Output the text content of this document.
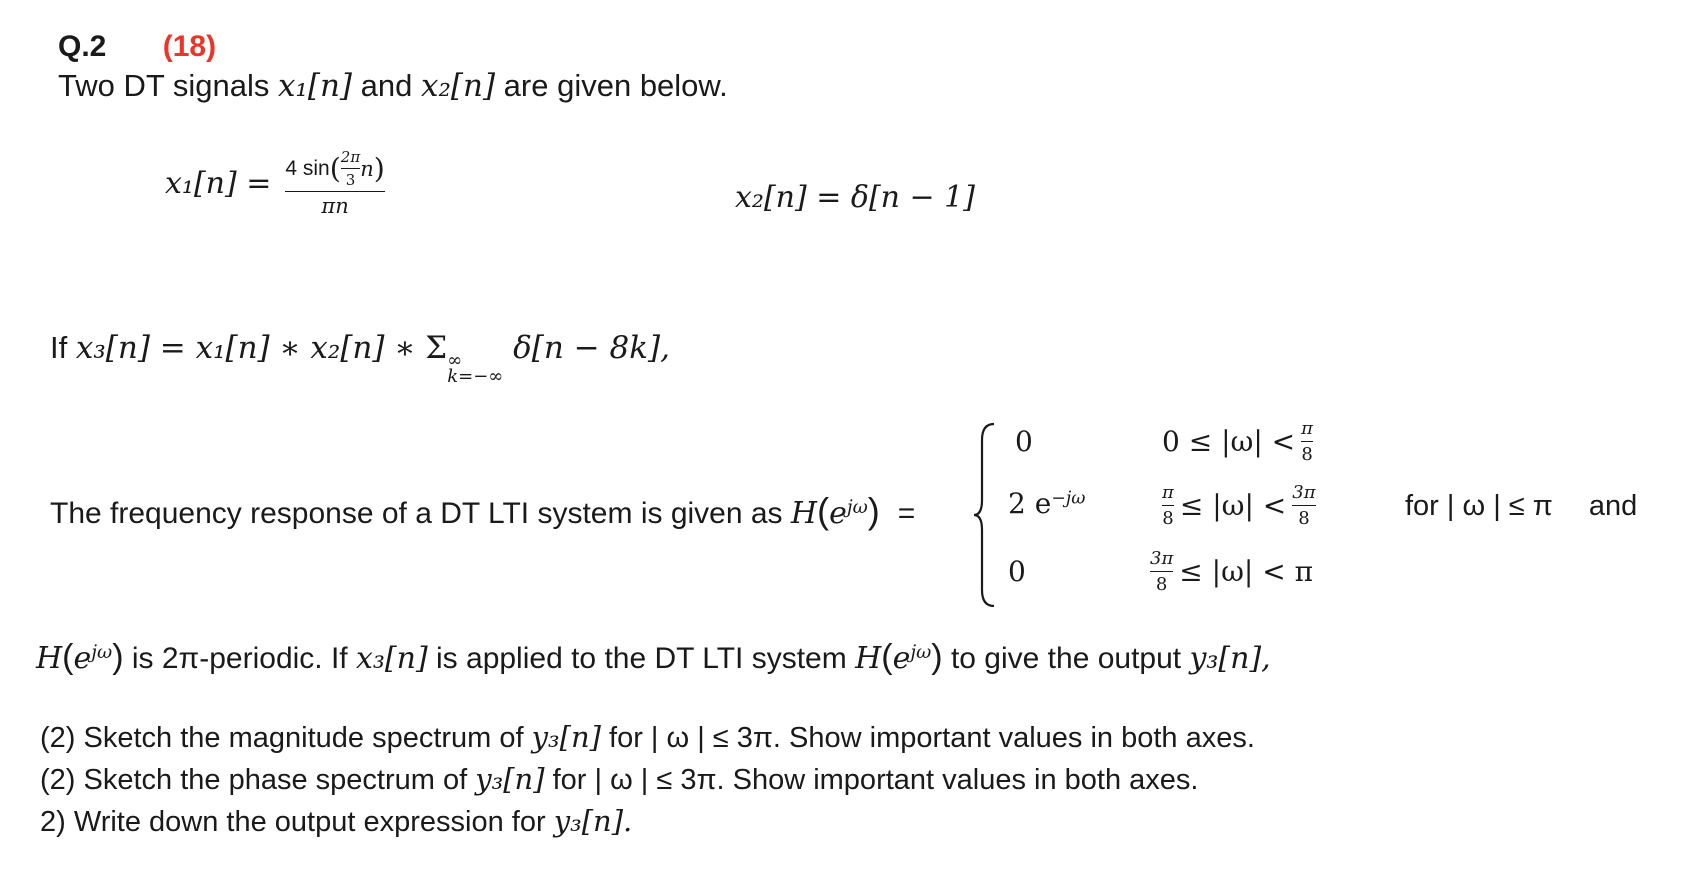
Q.2 (18)
Two DT signals x₁[n] and x₂[n] are given below.
x₁[n] = 4 sin ( $\frac{2\pi}{3}$ n )
πn	x₂[n] = δ[n − 1]
If x₃[n] = x₁[n] ∗ x₂[n] ∗ Σ ∞
k=−∞
δ[n − 8k],
The frequency response of a DT LTI system is given as $H(e^{j\omega})$ =
0
2 $e^{-j\omega}$
0
$0 \le |\omega| < \frac{\pi}{8}$
$\frac{\pi}{8} \le |\omega| < \frac{3\pi}{8}$
$\frac{3\pi}{8} \le |\omega| < \pi$
for | ω | ≤ π and
$H(e^{j\omega})$ is 2π-periodic. If x₃[n] is applied to the DT LTI system $H(e^{j\omega})$ to give the output y₃[n],
(2) Sketch the magnitude spectrum of y₃[n] for | ω | ≤ 3π. Show important values in both axes.
(2) Sketch the phase spectrum of y₃[n] for | ω | ≤ 3π. Show important values in both axes.
2) Write down the output expression for y₃[n].
